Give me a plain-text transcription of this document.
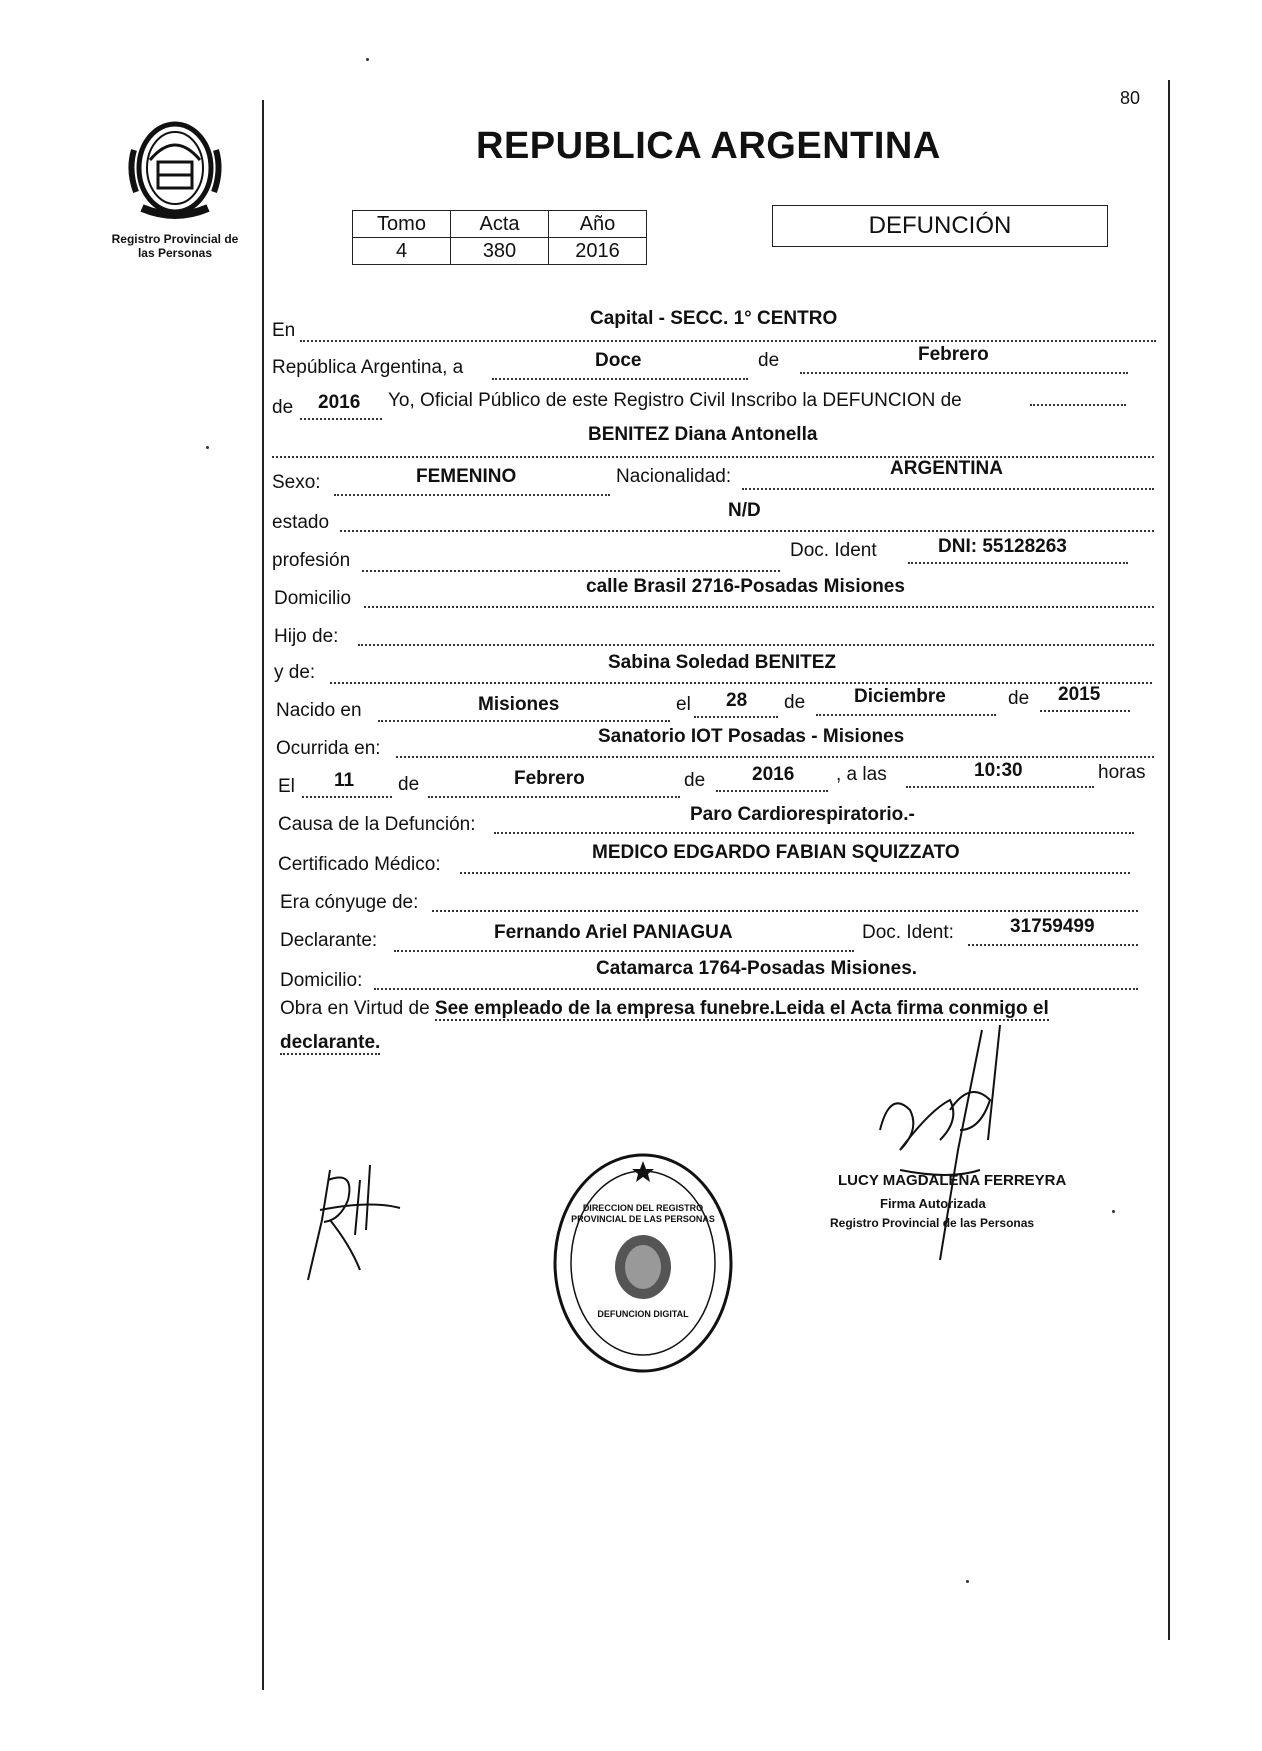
Registro Provincial de
las Personas
80
REPUBLICA ARGENTINA
Tomo	Acta	Año
4	380	2016
DEFUNCIÓN
En
Capital - SECC. 1° CENTRO
República Argentina, a	Doce	de	Febrero
de 2016 Yo, Oficial Público de este Registro Civil Inscribo la DEFUNCION de
BENITEZ Diana Antonella
Sexo:	FEMENINO	Nacionalidad:	ARGENTINA
estado
N/D
profesión	Doc. Ident	DNI: 55128263
Domicilio
calle Brasil 2716-Posadas Misiones
Hijo de:
y de:	Sabina Soledad BENITEZ
Nacido en	Misiones	el 28 de	Diciembre	de 2015
Ocurrida en:
Sanatorio IOT Posadas - Misiones
El 11 de	Febrero	de 2016 , a las	10:30	horas
Causa de la Defunción:	Paro Cardiorespiratorio.-
Certificado Médico:
MEDICO EDGARDO FABIAN SQUIZZATO
Era cónyuge de:
Declarante:	Fernando Ariel PANIAGUA	Doc. Ident:	31759499
Domicilio:
Catamarca 1764-Posadas Misiones.
Obra en Virtud de See empleado de la empresa funebre.Leida el Acta firma conmigo el
declarante.
DIRECCION DEL REGISTRO PROVINCIAL DE LAS PERSONAS
DEFUNCION DIGITAL
LUCY MAGDALENA FERREYRA
Firma Autorizada
Registro Provincial de las Personas
